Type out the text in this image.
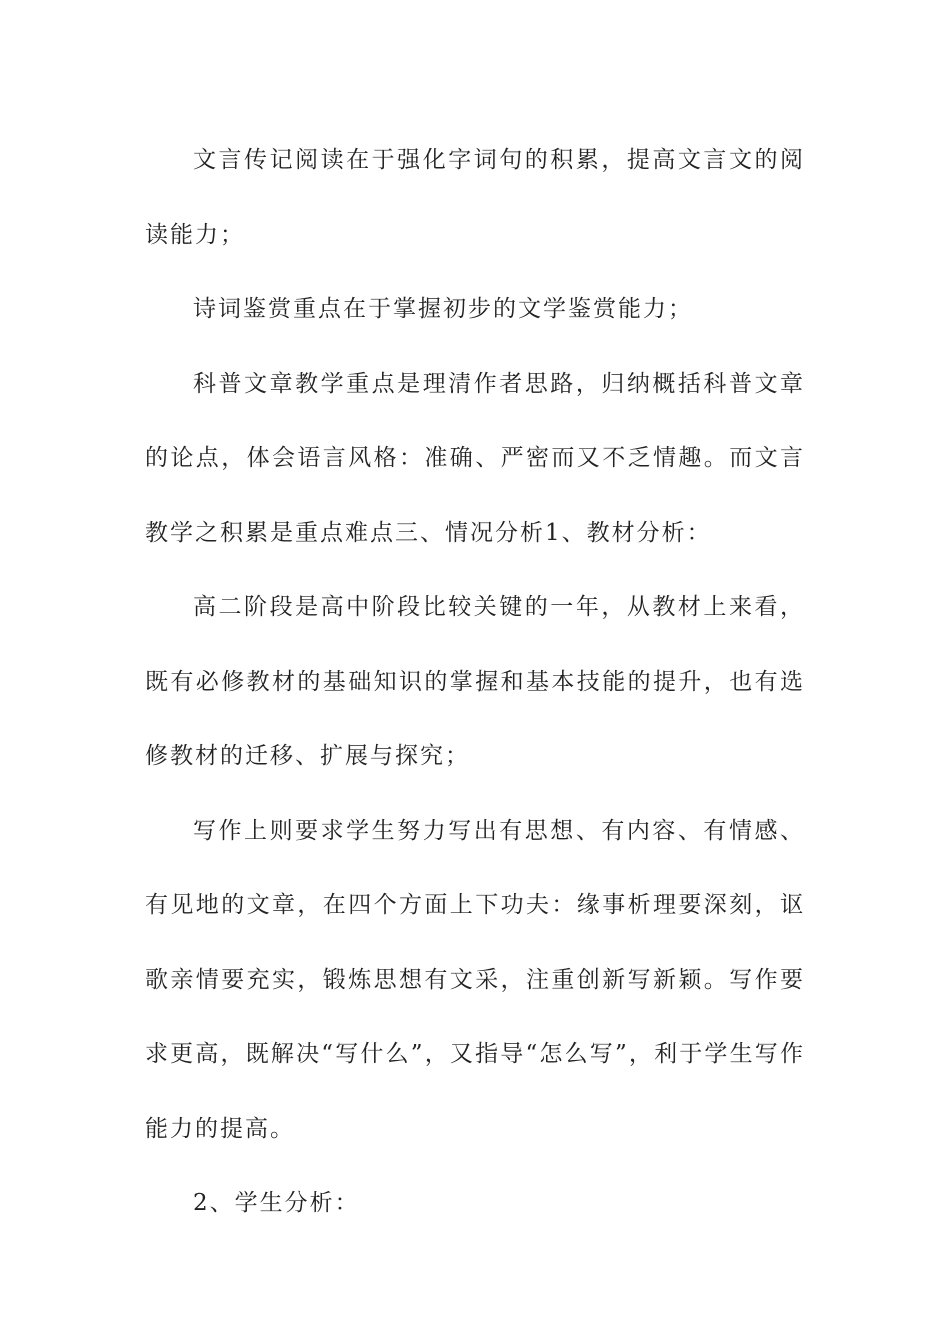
文言传记阅读在于强化字词句的积累，提高文言文的阅读能力；

诗词鉴赏重点在于掌握初步的文学鉴赏能力；

科普文章教学重点是理清作者思路，归纳概括科普文章的论点，体会语言风格：准确、严密而又不乏情趣。而文言教学之积累是重点难点三、情况分析1、教材分析：

高二阶段是高中阶段比较关键的一年，从教材上来看，既有必修教材的基础知识的掌握和基本技能的提升，也有选修教材的迁移、扩展与探究；

写作上则要求学生努力写出有思想、有内容、有情感、有见地的文章，在四个方面上下功夫：缘事析理要深刻，讴歌亲情要充实，锻炼思想有文采，注重创新写新颖。写作要求更高，既解决“写什么”，又指导“怎么写”，利于学生写作能力的提高。

2、学生分析：
